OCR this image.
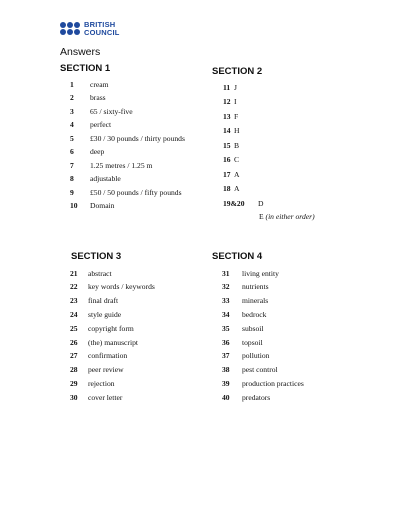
BRITISH
COUNCIL
Answers
SECTION 1
1	cream
2	brass
3	65 / sixty-five
4	perfect
5	£30 / 30 pounds / thirty pounds
6	deep
7	1.25 metres / 1.25 m
8	adjustable
9	£50 / 50 pounds / fifty pounds
10	Domain
SECTION 2
11 J
12 I
13 F
14 H
15 B
16 C
17 A
18 A
19&20	D
E (in either order)
SECTION 3
21	abstract
22	key words / keywords
23	final draft
24	style guide
25	copyright form
26	(the) manuscript
27	confirmation
28	peer review
29	rejection
30	cover letter
SECTION 4
31	living entity
32	nutrients
33	minerals
34	bedrock
35	subsoil
36	topsoil
37	pollution
38	pest control
39	production practices
40	predators
